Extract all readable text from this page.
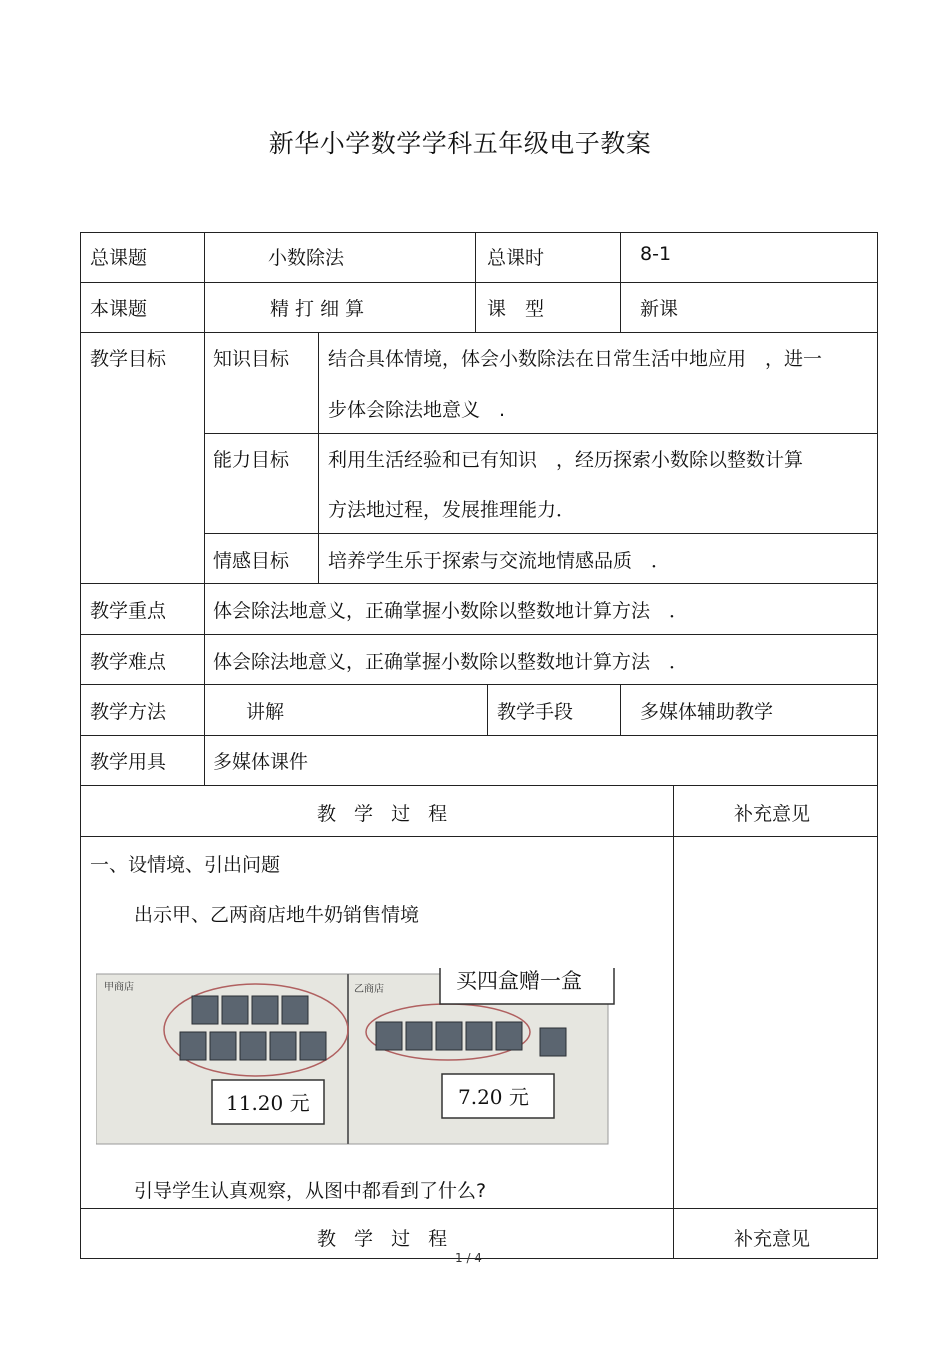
新华小学数学学科五年级电子教案
总课题	小数除法	总课时	8-1
本课题	精 打 细 算	课　型	新课
教学目标 知识目标 结合具体情境，体会小数除法在日常生活中地应用　，进一
步体会除法地意义　.
能力目标 利用生活经验和已有知识　，经历探索小数除以整数计算
方法地过程，发展推理能力．
情感目标 培养学生乐于探索与交流地情感品质　．
教学重点 体会除法地意义，正确掌握小数除以整数地计算方法　．
教学难点 体会除法地意义，正确掌握小数除以整数地计算方法　．
教学方法	讲解	教学手段	多媒体辅助教学
教学用具 多媒体课件
教 学 过 程	补充意见
一、设情境、引出问题
出示甲、乙两商店地牛奶销售情境
甲商店	乙商店	买四盒赠一盒
11.20 元	7.20 元
引导学生认真观察，从图中都看到了什么?
教 学 过 程	补充意见
1 / 4
